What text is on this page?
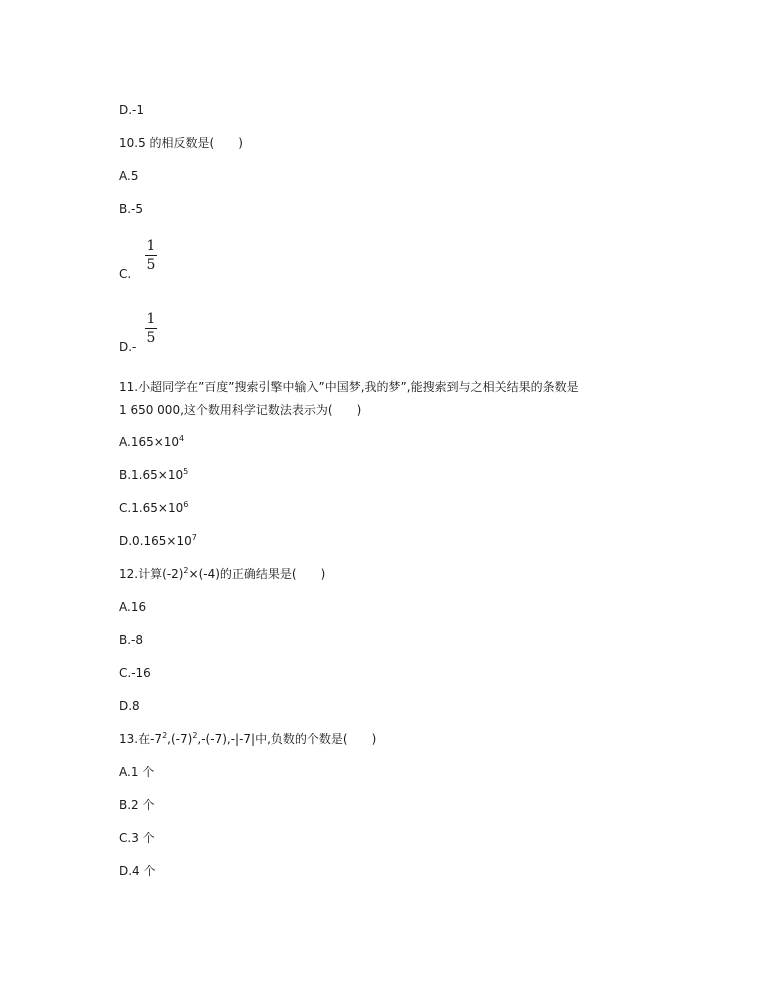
D.-1
10.5 的相反数是(　　)
A.5
B.-5
C.
$\frac{1}{5}$
D.-
$\frac{1}{5}$
11.小超同学在”百度”搜索引擎中输入”中国梦,我的梦”,能搜索到与之相关结果的条数是
1 650 000,这个数用科学记数法表示为(　　)
$A.165\times 10^4$
$B.1.65\times 10^5$
$C.1.65\times 10^6$
$D.0.165\times 10^7$
12.计算$(-2)^2\times(-4)$的正确结果是(　　)
A.16
B.-8
C.-16
D.8
13.在$-7^2,(-7)^2,-(-7),-|-7|$中,负数的个数是(　　)
A.1 个
B.2 个
C.3 个
D.4 个
